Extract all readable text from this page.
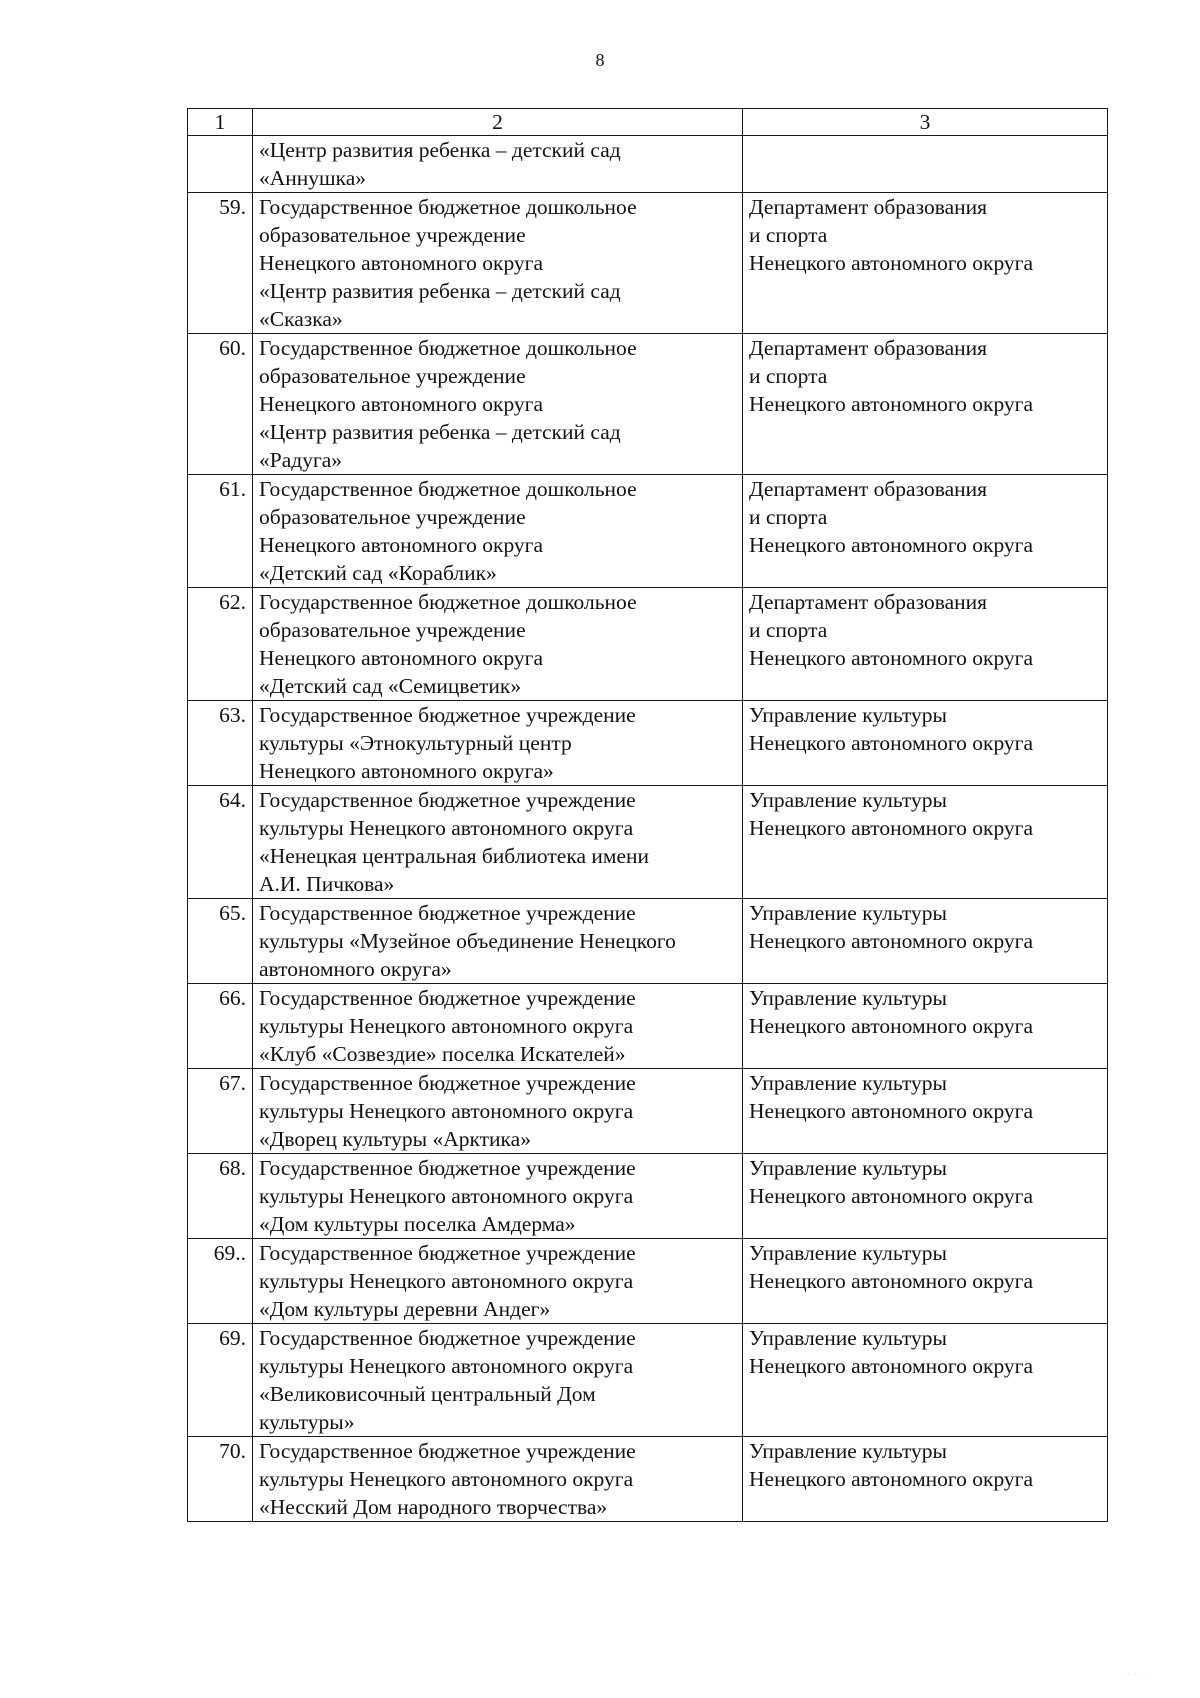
8
1	2	3

	«Центр развития ребенка – детский сад
«Аннушка»	

59.	Государственное бюджетное дошкольное
образовательное учреждение
Ненецкого автономного округа
«Центр развития ребенка – детский сад
«Сказка»	Департамент образования
и спорта
Ненецкого автономного округа

60.	Государственное бюджетное дошкольное
образовательное учреждение
Ненецкого автономного округа
«Центр развития ребенка – детский сад
«Радуга»	Департамент образования
и спорта
Ненецкого автономного округа

61.	Государственное бюджетное дошкольное
образовательное учреждение
Ненецкого автономного округа
«Детский сад «Кораблик»	Департамент образования
и спорта
Ненецкого автономного округа

62.	Государственное бюджетное дошкольное
образовательное учреждение
Ненецкого автономного округа
«Детский сад «Семицветик»	Департамент образования
и спорта
Ненецкого автономного округа

63.	Государственное бюджетное учреждение
культуры «Этнокультурный центр
Ненецкого автономного округа»	Управление культуры
Ненецкого автономного округа

64.	Государственное бюджетное учреждение
культуры Ненецкого автономного округа
«Ненецкая центральная библиотека имени
А.И. Пичкова»	Управление культуры
Ненецкого автономного округа

65.	Государственное бюджетное учреждение
культуры «Музейное объединение Ненецкого
автономного округа»	Управление культуры
Ненецкого автономного округа

66.	Государственное бюджетное учреждение
культуры Ненецкого автономного округа
«Клуб «Созвездие» поселка Искателей»	Управление культуры
Ненецкого автономного округа

67.	Государственное бюджетное учреждение
культуры Ненецкого автономного округа
«Дворец культуры «Арктика»	Управление культуры
Ненецкого автономного округа

68.	Государственное бюджетное учреждение
культуры Ненецкого автономного округа
«Дом культуры поселка Амдерма»	Управление культуры
Ненецкого автономного округа

69..	Государственное бюджетное учреждение
культуры Ненецкого автономного округа
«Дом культуры деревни Андег»	Управление культуры
Ненецкого автономного округа

69.	Государственное бюджетное учреждение
культуры Ненецкого автономного округа
«Великовисочный центральный Дом
культуры»	Управление культуры
Ненецкого автономного округа

70.	Государственное бюджетное учреждение
культуры Ненецкого автономного округа
«Несский Дом народного творчества»	Управление культуры
Ненецкого автономного округа
· · · · ·
